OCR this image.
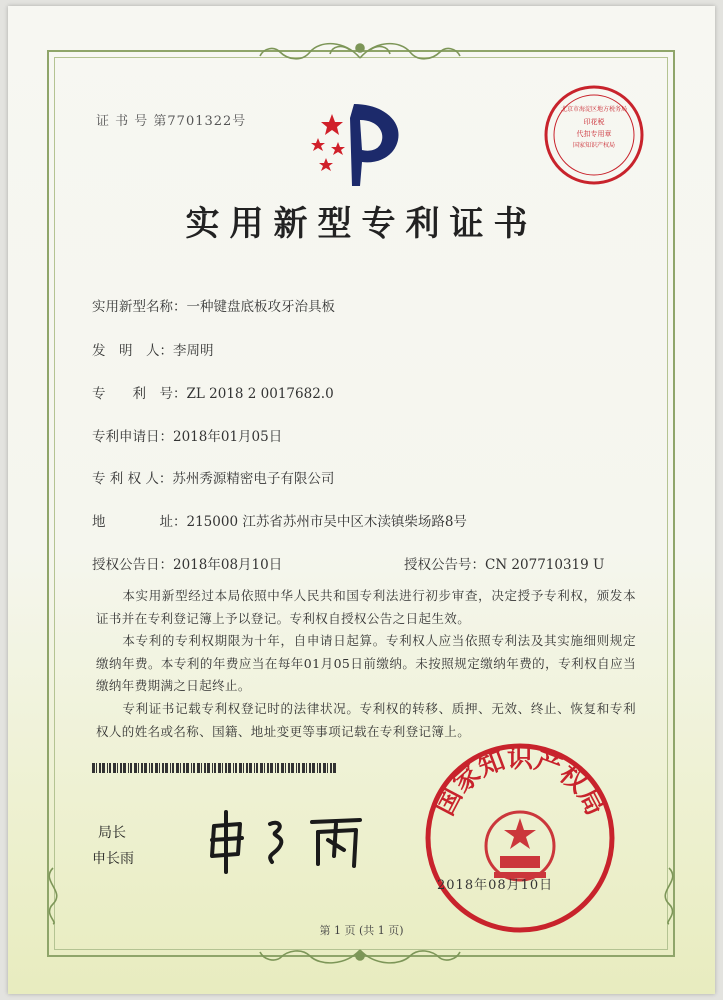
证 书 号 第7701322号
北京市海淀区地方税务局
印花税
代扣专用章
国家知识产权局
实用新型专利证书
实用新型名称：一种键盘底板攻牙治具板
发　明　人：李周明
专　　利　号：ZL 2018 2 0017682.0
专利申请日：2018年01月05日
专 利 权 人：苏州秀源精密电子有限公司
地　　　　址：215000 江苏省苏州市吴中区木渎镇柴场路8号
授权公告日：2018年08月10日	授权公告号：CN 207710319 U
　　本实用新型经过本局依照中华人民共和国专利法进行初步审查，决定授予专利权，颁发本证书并在专利登记簿上予以登记。专利权自授权公告之日起生效。
　　本专利的专利权期限为十年，自申请日起算。专利权人应当依照专利法及其实施细则规定缴纳年费。本专利的年费应当在每年01月05日前缴纳。未按照规定缴纳年费的，专利权自应当缴纳年费期满之日起终止。
　　专利证书记载专利权登记时的法律状况。专利权的转移、质押、无效、终止、恢复和专利权人的姓名或名称、国籍、地址变更等事项记载在专利登记簿上。
局长
申长雨
国家知识产权局
2018年08月10日
第 1 页 (共 1 页)
